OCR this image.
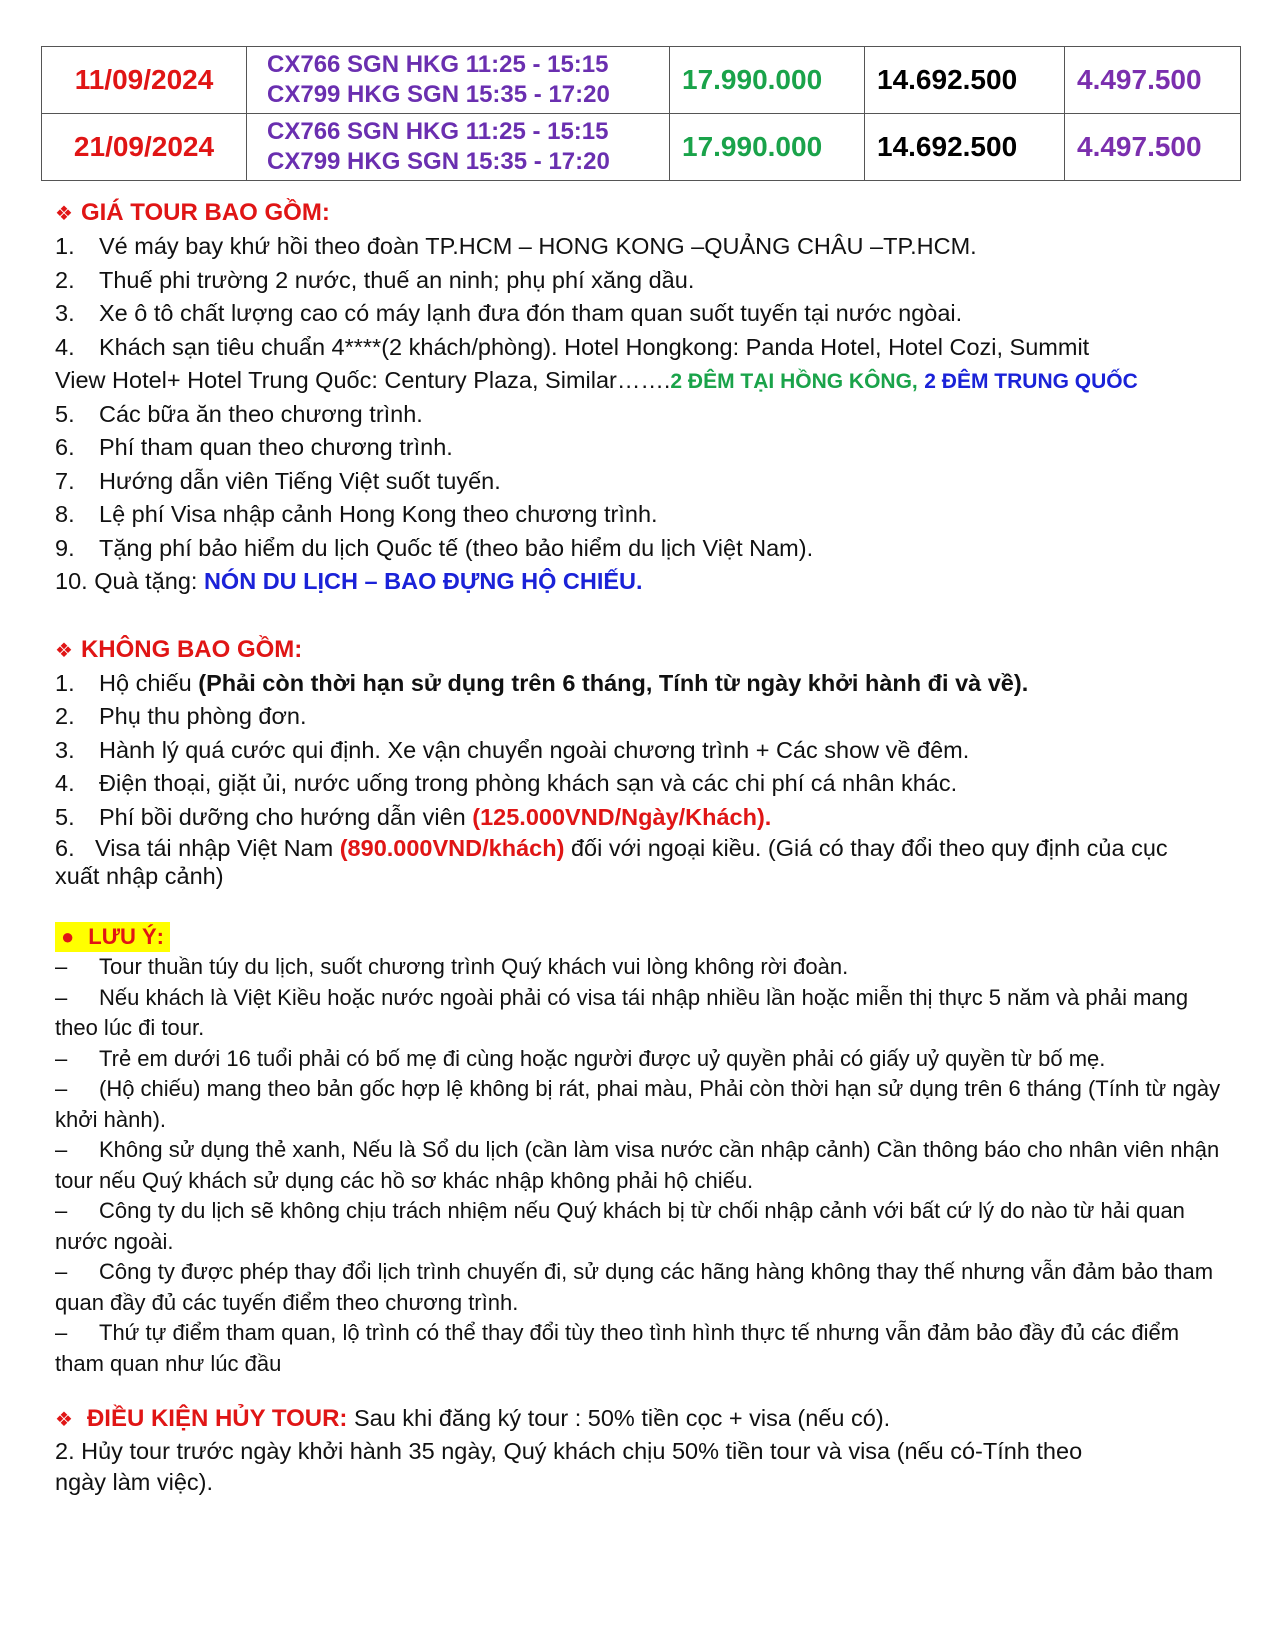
11/09/2024	CX766 SGN HKG 11:25 - 15:15
CX799 HKG SGN 15:35 - 17:20	17.990.000	14.692.500	4.497.500
21/09/2024	CX766 SGN HKG 11:25 - 15:15
CX799 HKG SGN 15:35 - 17:20	17.990.000	14.692.500	4.497.500
❖ GIÁ TOUR BAO GỒM:
1. Vé máy bay khứ hồi theo đoàn TP.HCM – HONG KONG –QUẢNG CHÂU –TP.HCM.
2. Thuế phi trường 2 nước, thuế an ninh; phụ phí xăng dầu.
3. Xe ô tô chất lượng cao có máy lạnh đưa đón tham quan suốt tuyến tại nước ngòai.
4. Khách sạn tiêu chuẩn 4****(2 khách/phòng). Hotel Hongkong: Panda Hotel, Hotel Cozi, Summit
View Hotel+ Hotel Trung Quốc: Century Plaza, Similar…….2 ĐÊM TẠI HỒNG KÔNG, 2 ĐÊM TRUNG QUỐC
5. Các bữa ăn theo chương trình.
6. Phí tham quan theo chương trình.
7. Hướng dẫn viên Tiếng Việt suốt tuyến.
8. Lệ phí Visa nhập cảnh Hong Kong theo chương trình.
9. Tặng phí bảo hiểm du lịch Quốc tế (theo bảo hiểm du lịch Việt Nam).
10. Quà tặng: NÓN DU LỊCH – BAO ĐỰNG HỘ CHIẾU.
❖ KHÔNG BAO GỒM:
1. Hộ chiếu (Phải còn thời hạn sử dụng trên 6 tháng, Tính từ ngày khởi hành đi và về).
2. Phụ thu phòng đơn.
3. Hành lý quá cước qui định. Xe vận chuyển ngoài chương trình + Các show về đêm.
4. Điện thoại, giặt ủi, nước uống trong phòng khách sạn và các chi phí cá nhân khác.
5. Phí bồi dưỡng cho hướng dẫn viên (125.000VND/Ngày/Khách).
6. Visa tái nhập Việt Nam (890.000VND/khách) đối với ngoại kiều. (Giá có thay đổi theo quy định của cục
xuất nhập cảnh)
● LƯU Ý:
– Tour thuần túy du lịch, suốt chương trình Quý khách vui lòng không rời đoàn.
– Nếu khách là Việt Kiều hoặc nước ngoài phải có visa tái nhập nhiều lần hoặc miễn thị thực 5 năm và phải mang theo lúc đi tour.
– Trẻ em dưới 16 tuổi phải có bố mẹ đi cùng hoặc người được uỷ quyền phải có giấy uỷ quyền từ bố mẹ.
– (Hộ chiếu) mang theo bản gốc hợp lệ không bị rát, phai màu, Phải còn thời hạn sử dụng trên 6 tháng (Tính từ ngày khởi hành).
– Không sử dụng thẻ xanh, Nếu là Sổ du lịch (cần làm visa nước cần nhập cảnh) Cần thông báo cho nhân viên nhận tour nếu Quý khách sử dụng các hồ sơ khác nhập không phải hộ chiếu.
– Công ty du lịch sẽ không chịu trách nhiệm nếu Quý khách bị từ chối nhập cảnh với bất cứ lý do nào từ hải quan nước ngoài.
– Công ty được phép thay đổi lịch trình chuyến đi, sử dụng các hãng hàng không thay thế nhưng vẫn đảm bảo tham quan đầy đủ các tuyến điểm theo chương trình.
– Thứ tự điểm tham quan, lộ trình có thể thay đổi tùy theo tình hình thực tế nhưng vẫn đảm bảo đầy đủ các điểm tham quan như lúc đầu
❖ ĐIỀU KIỆN HỦY TOUR: Sau khi đăng ký tour : 50% tiền cọc + visa (nếu có).
2. Hủy tour trước ngày khởi hành 35 ngày, Quý khách chịu 50% tiền tour và visa (nếu có-Tính theo ngày làm việc).
